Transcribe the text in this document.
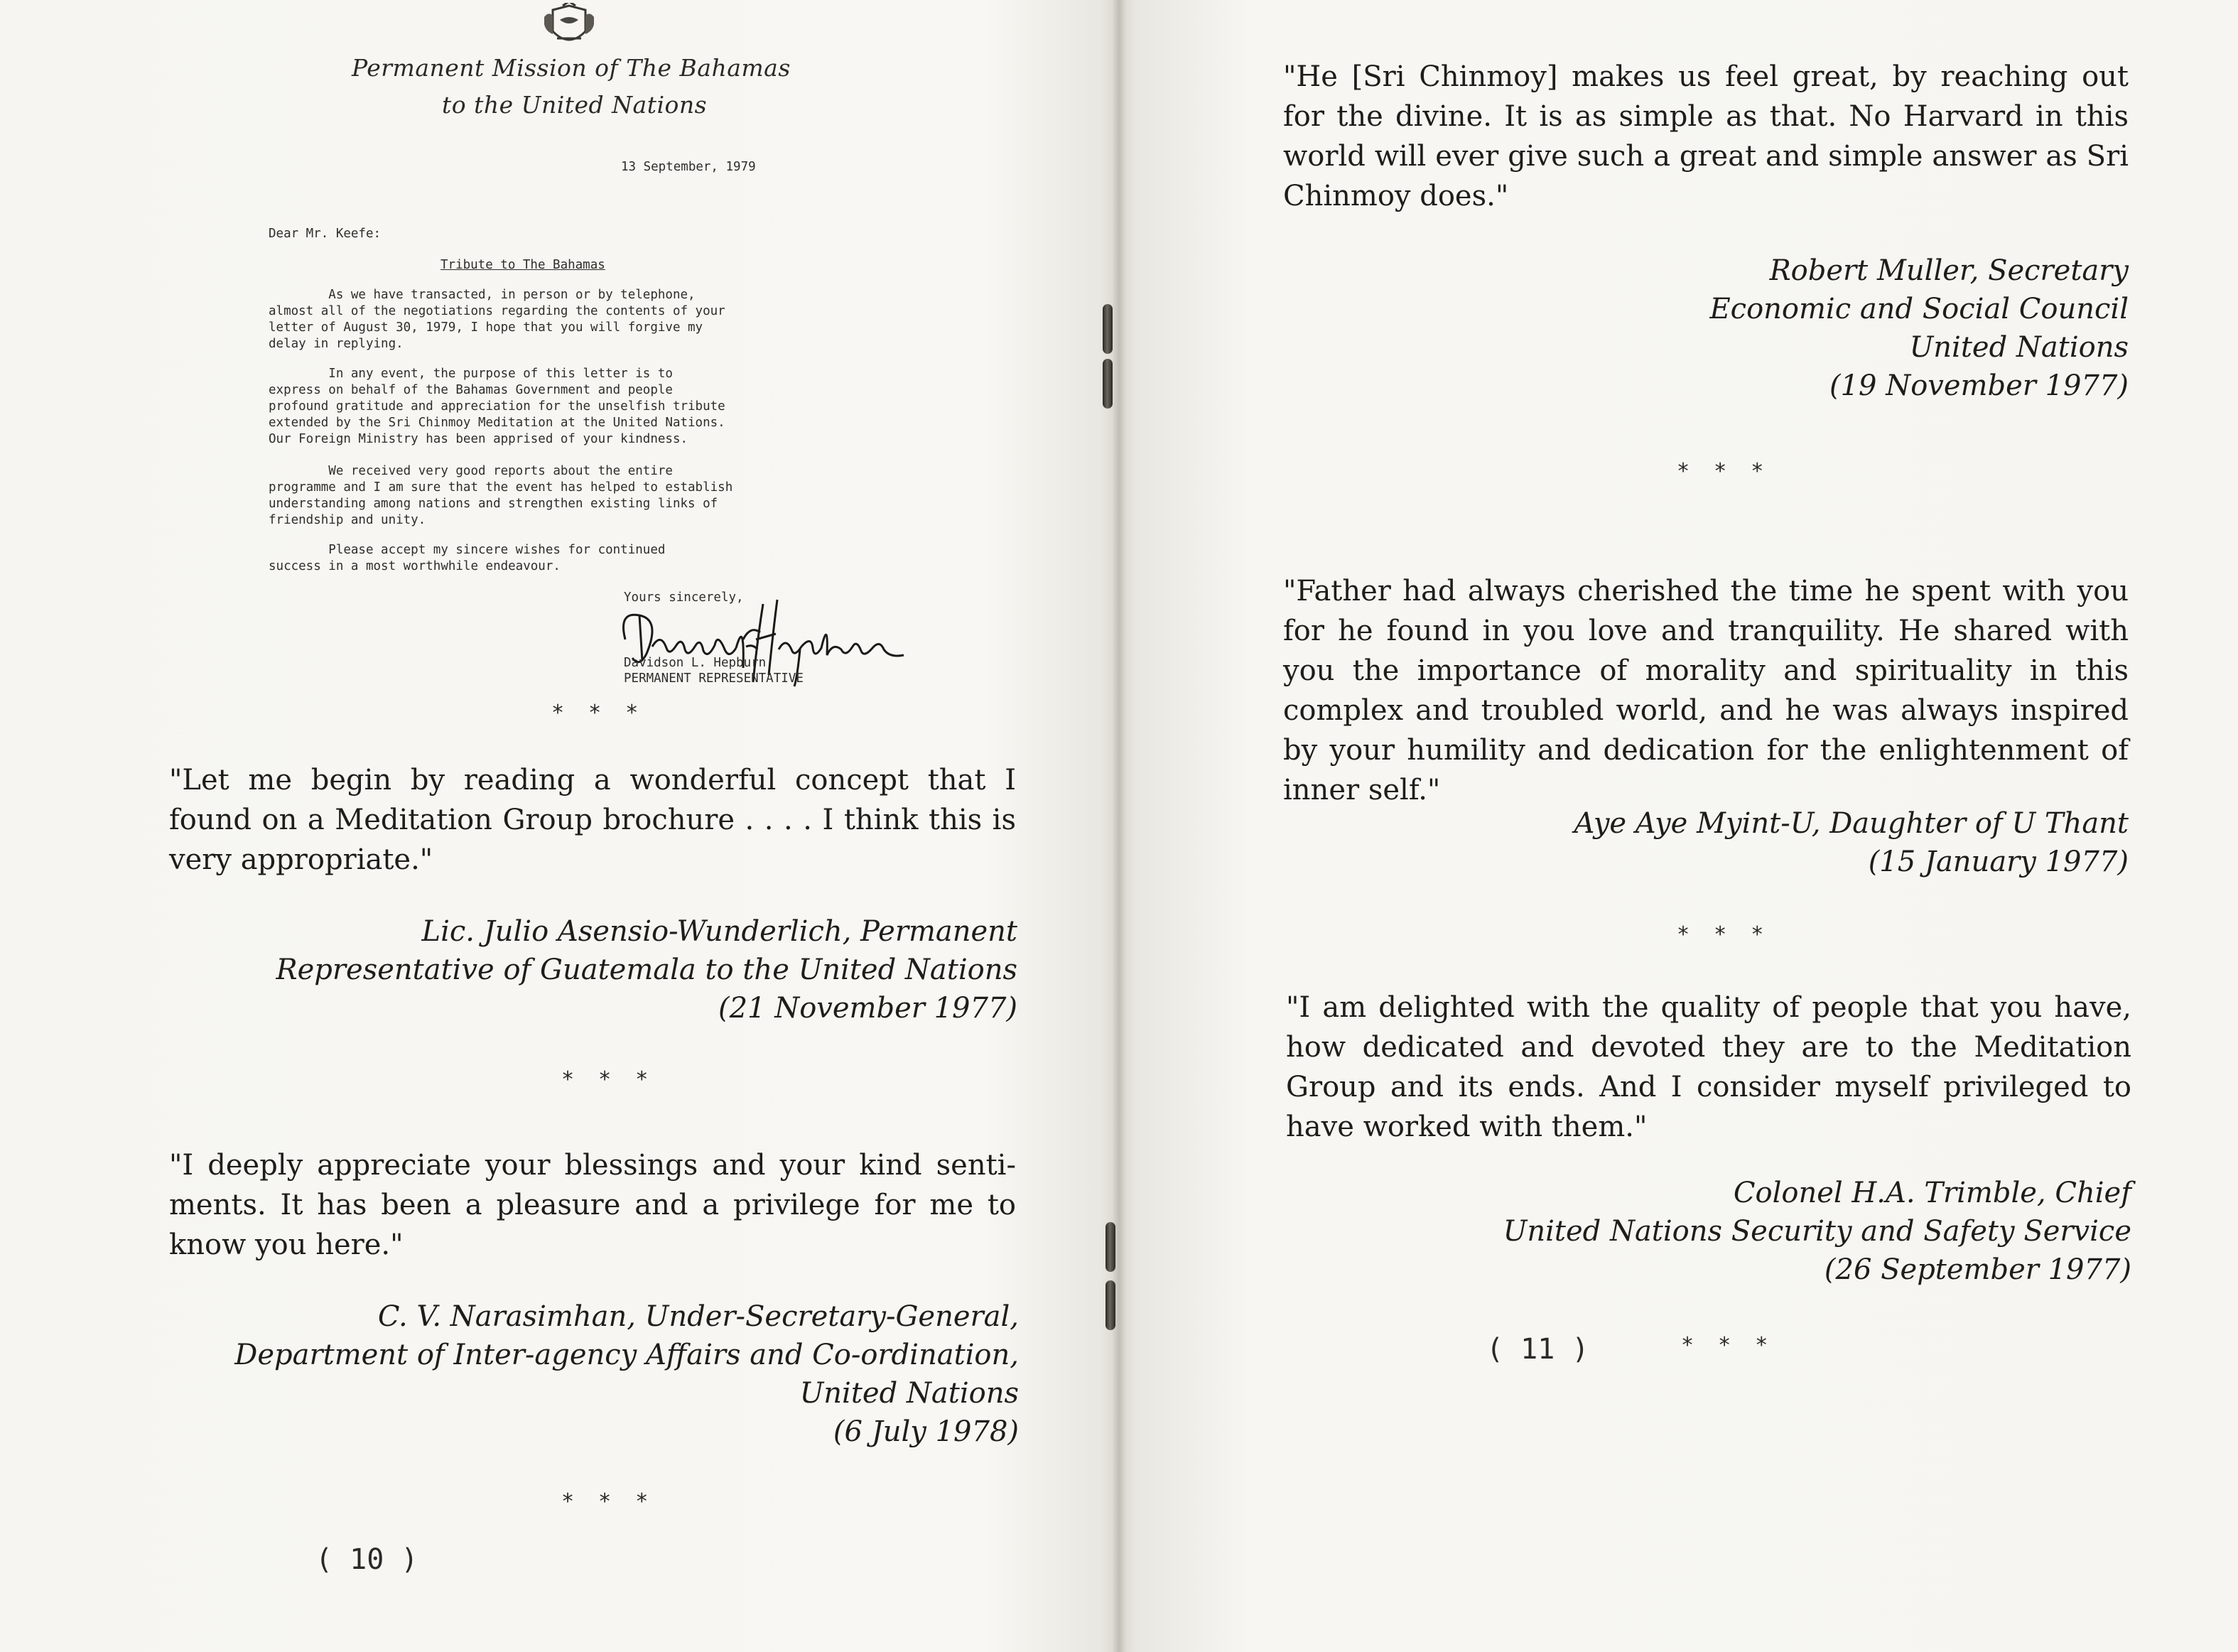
Permanent Mission of The Bahamas
to the United Nations
13 September, 1979
Dear Mr. Keefe:
Tribute to The Bahamas
As we have transacted, in person or by telephone,
almost all of the negotiations regarding the contents of your
letter of August 30, 1979, I hope that you will forgive my
delay in replying.
In any event, the purpose of this letter is to
express on behalf of the Bahamas Government and people
profound gratitude and appreciation for the unselfish tribute
extended by the Sri Chinmoy Meditation at the United Nations.
Our Foreign Ministry has been apprised of your kindness.
We received very good reports about the entire
programme and I am sure that the event has helped to establish
understanding among nations and strengthen existing links of
friendship and unity.
Please accept my sincere wishes for continued
success in a most worthwhile endeavour.
Yours sincerely,
Davidson L. Hepburn
PERMANENT REPRESENTATIVE
* * *

"Let me begin by reading a wonderful concept that I found on a Meditation Group brochure . . . . I think this is very appropriate."

Lic. Julio Asensio-Wunderlich, Permanent
Representative of Guatemala to the United Nations
(21 November 1977)
* * *

"I deeply appreciate your blessings and your kind senti-ments. It has been a pleasure and a privilege for me to know you here."

C. V. Narasimhan, Under-Secretary-General,
Department of Inter-agency Affairs and Co-ordination,
United Nations
(6 July 1978)
* * *
( 10 )

"He [Sri Chinmoy] makes us feel great, by reaching out for the divine. It is as simple as that. No Harvard in this world will ever give such a great and simple answer as Sri Chinmoy does."

Robert Muller, Secretary
Economic and Social Council
United Nations
(19 November 1977)
* * *

"Father had always cherished the time he spent with you for he found in you love and tranquility. He shared with you the importance of morality and spirituality in this complex and troubled world, and he was always inspired by your humility and dedication for the enlightenment of inner self."

Aye Aye Myint-U, Daughter of U Thant
(15 January 1977)
* * *

"I am delighted with the quality of people that you have, how dedicated and devoted they are to the Meditation Group and its ends. And I consider myself privileged to have worked with them."

Colonel H.A. Trimble, Chief
United Nations Security and Safety Service
(26 September 1977)
( 11 )	* * *
